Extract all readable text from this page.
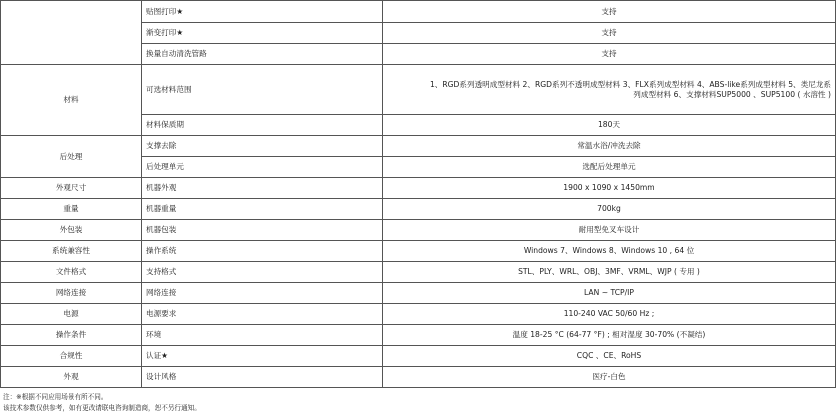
	贴图打印★	支持
	渐变打印★	支持
	换量自动清洗管路	支持
材料	可选材料范围	1、RGD系列透明成型材料 2、RGD系列不透明成型材料 3、FLX系列成型材料 4、ABS-like系列成型材料 5、类尼龙系列成型材料 6、支撑材料SUP5000 、SUP5100 ( 水溶性 )
	材料保质期	180天
后处理	支撑去除	常温水浴/冲洗去除
	后处理单元	选配后处理单元
外观尺寸	机器外观	1900 x 1090 x 1450mm
重量	机器重量	700kg
外包装	机器包装	耐用型免叉车设计
系统兼容性	操作系统	Windows 7、Windows 8、Windows 10 , 64 位
文件格式	支持格式	STL、PLY、WRL、OBJ、3MF、VRML、WJP ( 专用 )
网络连接	网络连接	LAN ~ TCP/IP
电源	电源要求	110-240 VAC 50/60 Hz ;
操作条件	环境	温度 18-25 °C (64-77 °F) ; 相对湿度 30-70% (不凝结)
合规性	认证★	CQC 、CE、RoHS
外观	设计风格	医疗-白色
注：※根据不同应用场景有所不同。
该技术参数仅供参考，如有更改请联电咨询制造商，恕不另行通知。
